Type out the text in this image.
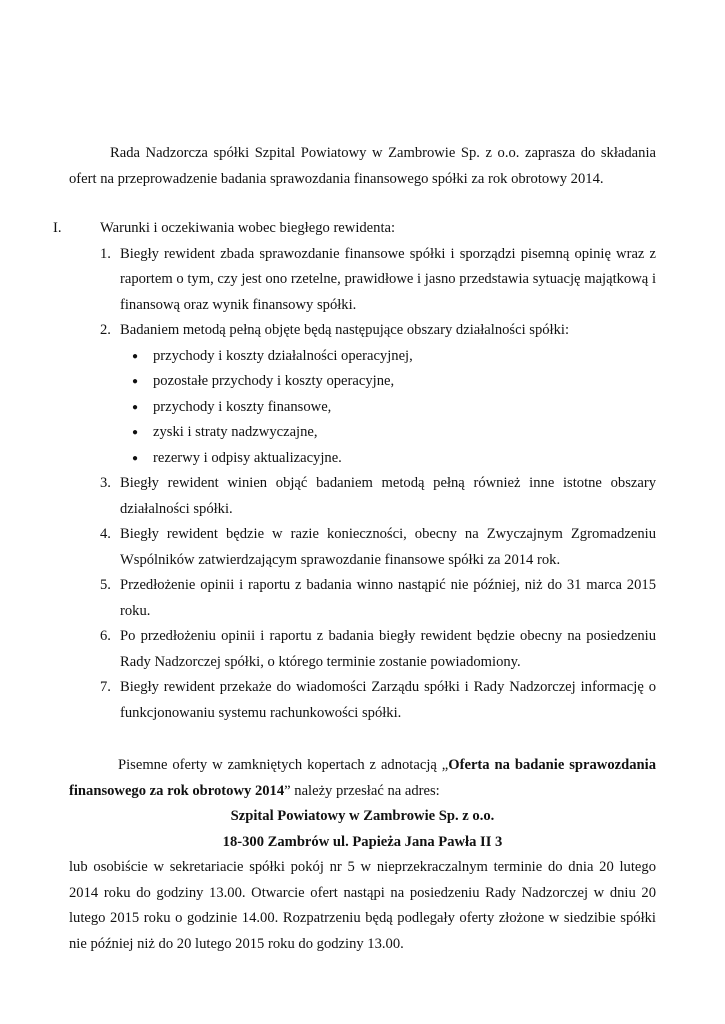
Rada Nadzorcza spółki Szpital Powiatowy w Zambrowie Sp. z o.o. zaprasza do składania ofert na przeprowadzenie badania sprawozdania finansowego spółki za rok obrotowy 2014.

I.	Warunki i oczekiwania wobec biegłego rewidenta:
1. Biegły rewident zbada sprawozdanie finansowe spółki i sporządzi pisemną opinię wraz z raportem o tym, czy jest ono rzetelne, prawidłowe i jasno przedstawia sytuację majątkową i finansową oraz wynik finansowy spółki.
2. Badaniem metodą pełną objęte będą następujące obszary działalności spółki:
●	przychody i koszty działalności operacyjnej,
●	pozostałe przychody i koszty operacyjne,
●	przychody i koszty finansowe,
●	zyski i straty nadzwyczajne,
●	rezerwy i odpisy aktualizacyjne.
3. Biegły rewident winien objąć badaniem metodą pełną również inne istotne obszary działalności spółki.
4. Biegły rewident będzie w razie konieczności, obecny na Zwyczajnym Zgromadzeniu Wspólników zatwierdzającym sprawozdanie finansowe spółki za 2014 rok.
5. Przedłożenie opinii i raportu z badania winno nastąpić nie później, niż do 31 marca 2015 roku.
6. Po przedłożeniu opinii i raportu z badania biegły rewident będzie obecny na posiedzeniu Rady Nadzorczej spółki, o którego terminie zostanie powiadomiony.
7. Biegły rewident przekaże do wiadomości Zarządu spółki i Rady Nadzorczej informację o funkcjonowaniu systemu rachunkowości spółki.
Pisemne oferty w zamkniętych kopertach z adnotacją „Oferta na badanie sprawozdania finansowego za rok obrotowy 2014” należy przesłać na adres:
Szpital Powiatowy w Zambrowie Sp. z o.o.
18-300 Zambrów ul. Papieża Jana Pawła II 3
lub osobiście w sekretariacie spółki pokój nr 5 w nieprzekraczalnym terminie do dnia 20 lutego 2014 roku do godziny 13.00. Otwarcie ofert nastąpi na posiedzeniu Rady Nadzorczej w dniu 20 lutego 2015 roku o godzinie 14.00. Rozpatrzeniu będą podlegały oferty złożone w siedzibie spółki nie później niż do 20 lutego 2015 roku do godziny 13.00.
